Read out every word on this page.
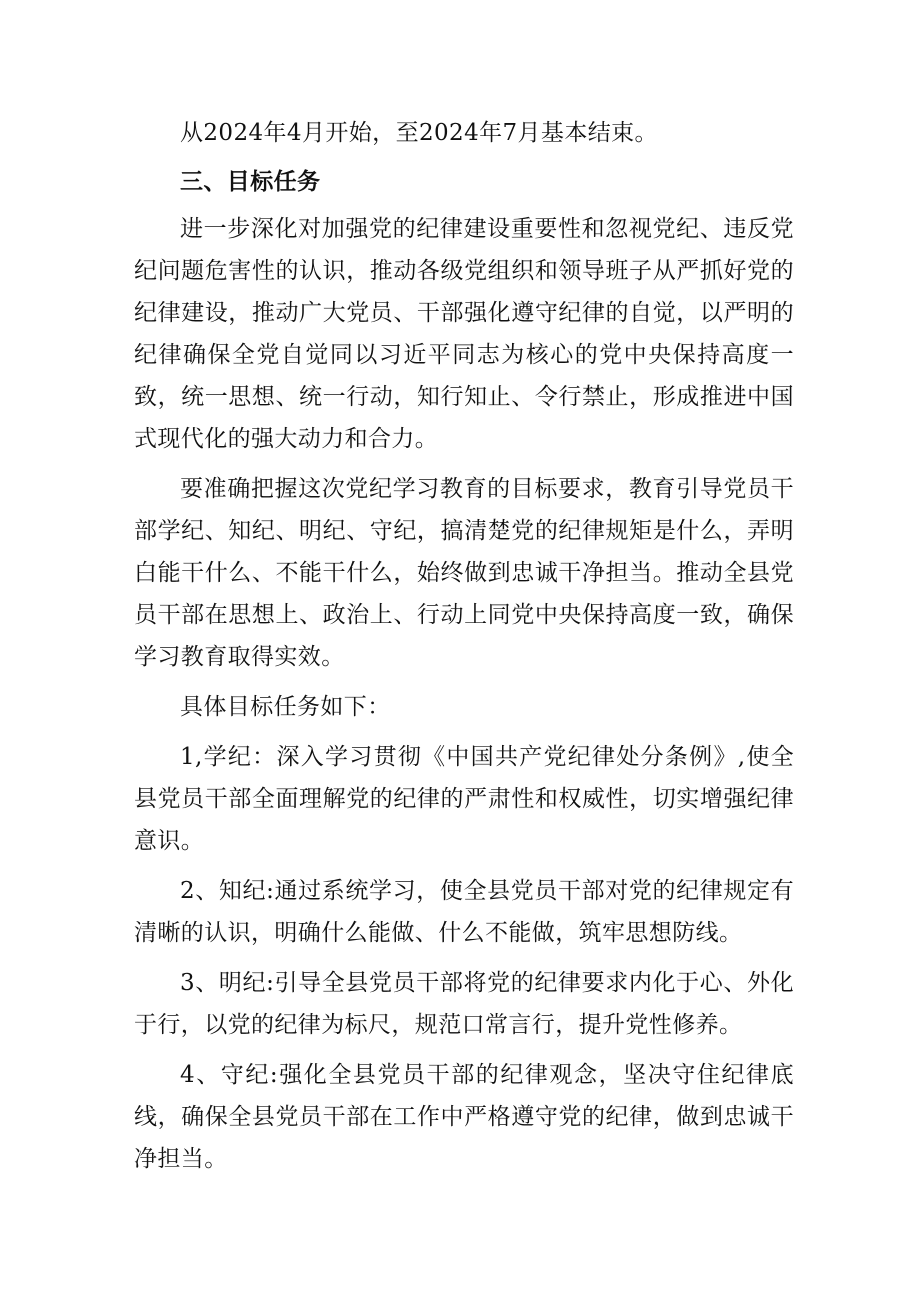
从2024年4月开始，至2024年7月基本结束。

三、目标任务

进一步深化对加强党的纪律建设重要性和忽视党纪、违反党纪问题危害性的认识，推动各级党组织和领导班子从严抓好党的纪律建设，推动广大党员、干部强化遵守纪律的自觉，以严明的纪律确保全党自觉同以习近平同志为核心的党中央保持高度一致，统一思想、统一行动，知行知止、令行禁止，形成推进中国式现代化的强大动力和合力。

要准确把握这次党纪学习教育的目标要求，教育引导党员干部学纪、知纪、明纪、守纪，搞清楚党的纪律规矩是什么，弄明白能干什么、不能干什么，始终做到忠诚干净担当。推动全县党员干部在思想上、政治上、行动上同党中央保持高度一致，确保学习教育取得实效。

具体目标任务如下：

1,学纪：深入学习贯彻《中国共产党纪律处分条例》,使全县党员干部全面理解党的纪律的严肃性和权威性，切实增强纪律意识。

2、知纪:通过系统学习，使全县党员干部对党的纪律规定有清晰的认识，明确什么能做、什么不能做，筑牢思想防线。

3、明纪:引导全县党员干部将党的纪律要求内化于心、外化于行，以党的纪律为标尺，规范口常言行，提升党性修养。

4、守纪:强化全县党员干部的纪律观念，坚决守住纪律底线，确保全县党员干部在工作中严格遵守党的纪律，做到忠诚干净担当。
